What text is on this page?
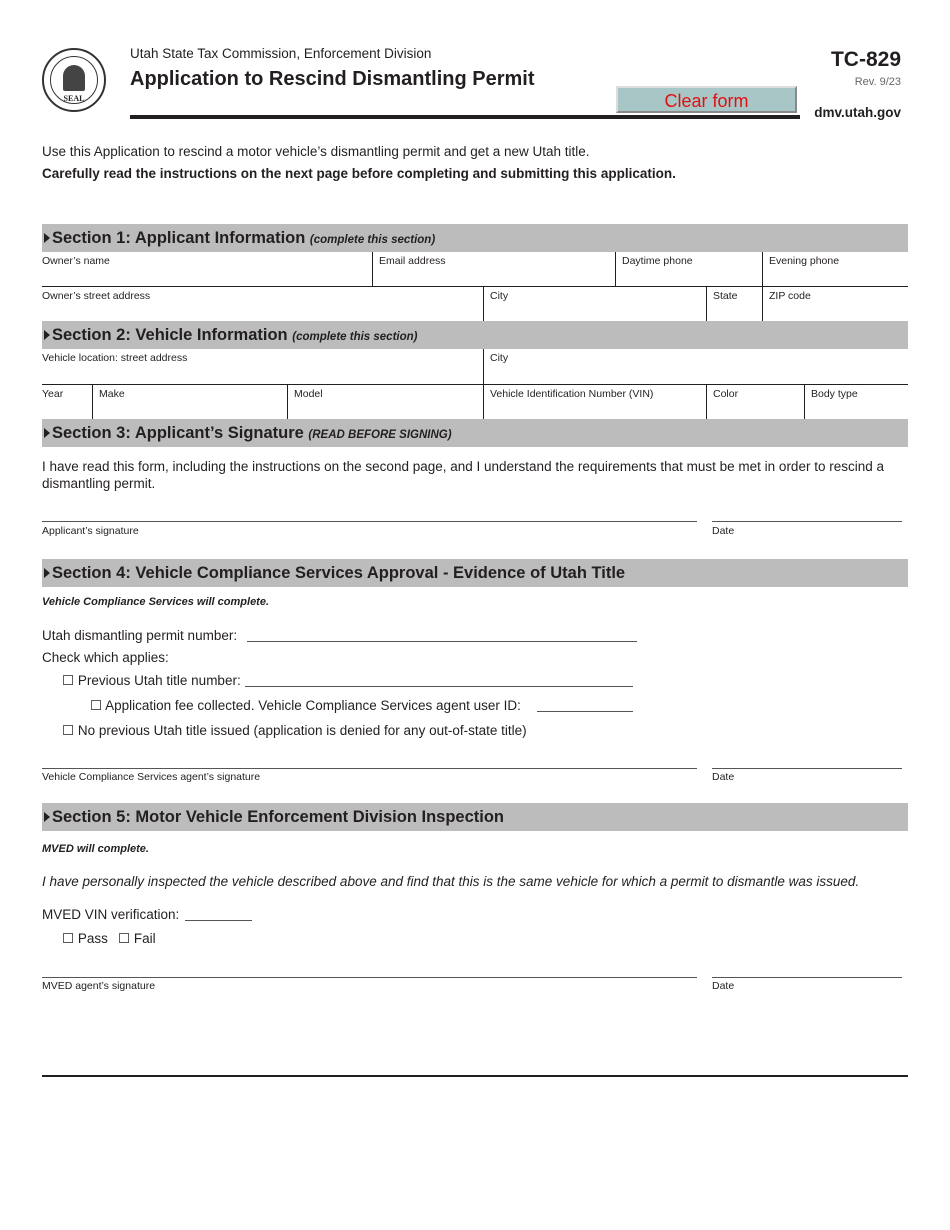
SEAL
Utah State Tax Commission, Enforcement Division
Application to Rescind Dismantling Permit
TC-829
Rev. 9/23
dmv.utah.gov
Clear form
Use this Application to rescind a motor vehicle’s dismantling permit and get a new Utah title.
Carefully read the instructions on the next page before completing and submitting this application.
Section 1: Applicant Information (complete this section)
Owner’s name	Email address	Daytime phone	Evening phone
Owner’s street address	City	State	ZIP code
Section 2: Vehicle Information (complete this section)
Vehicle location: street address	City
Year	Make	Model	Vehicle Identification Number (VIN)	Color	Body type
Section 3: Applicant’s Signature (READ BEFORE SIGNING)
I have read this form, including the instructions on the second page, and I understand the requirements that must be met in order to rescind a dismantling permit.
Applicant’s signature	Date
Section 4: Vehicle Compliance Services Approval - Evidence of Utah Title
Vehicle Compliance Services will complete.
Utah dismantling permit number:
Check which applies:
☐ Previous Utah title number:
☐ Application fee collected. Vehicle Compliance Services agent user ID:
☐ No previous Utah title issued (application is denied for any out-of-state title)
Vehicle Compliance Services agent’s signature	Date
Section 5: Motor Vehicle Enforcement Division Inspection
MVED will complete.
I have personally inspected the vehicle described above and find that this is the same vehicle for which a permit to dismantle was issued.
MVED VIN verification:
☐ Pass ☐ Fail
MVED agent’s signature	Date
